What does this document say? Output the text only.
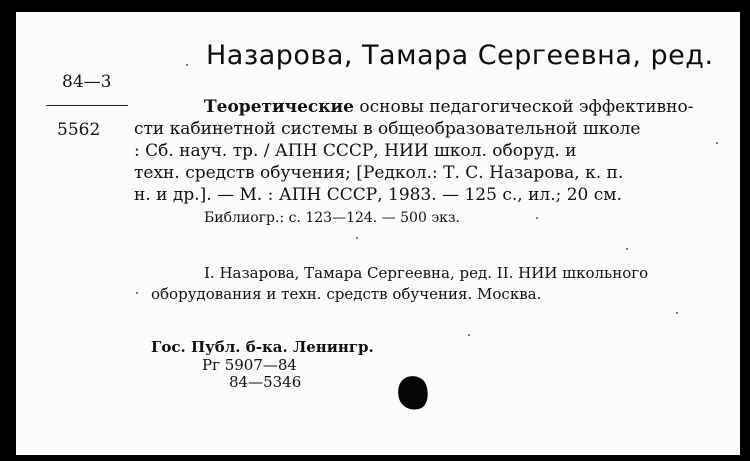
Назарова, Тамара Сергеевна, ред.

84—3

5562

Теоретические основы педагогической эффективно-

сти кабинетной системы в общеобразовательной школе

: Сб. науч. тр. / АПН СССР, НИИ школ. оборуд. и

техн. средств обучения; [Редкол.: Т. С. Назарова, к. п.

н. и др.]. — М. : АПН СССР, 1983. — 125 с., ил.; 20 см.

Библиогр.: с. 123—124. — 500 экз.

I. Назарова, Тамара Сергеевна, ред. II. НИИ школьного

оборудования и техн. средств обучения. Москва.

Гос. Публ. б-ка. Ленингр.

Рг 5907—84

84—5346
